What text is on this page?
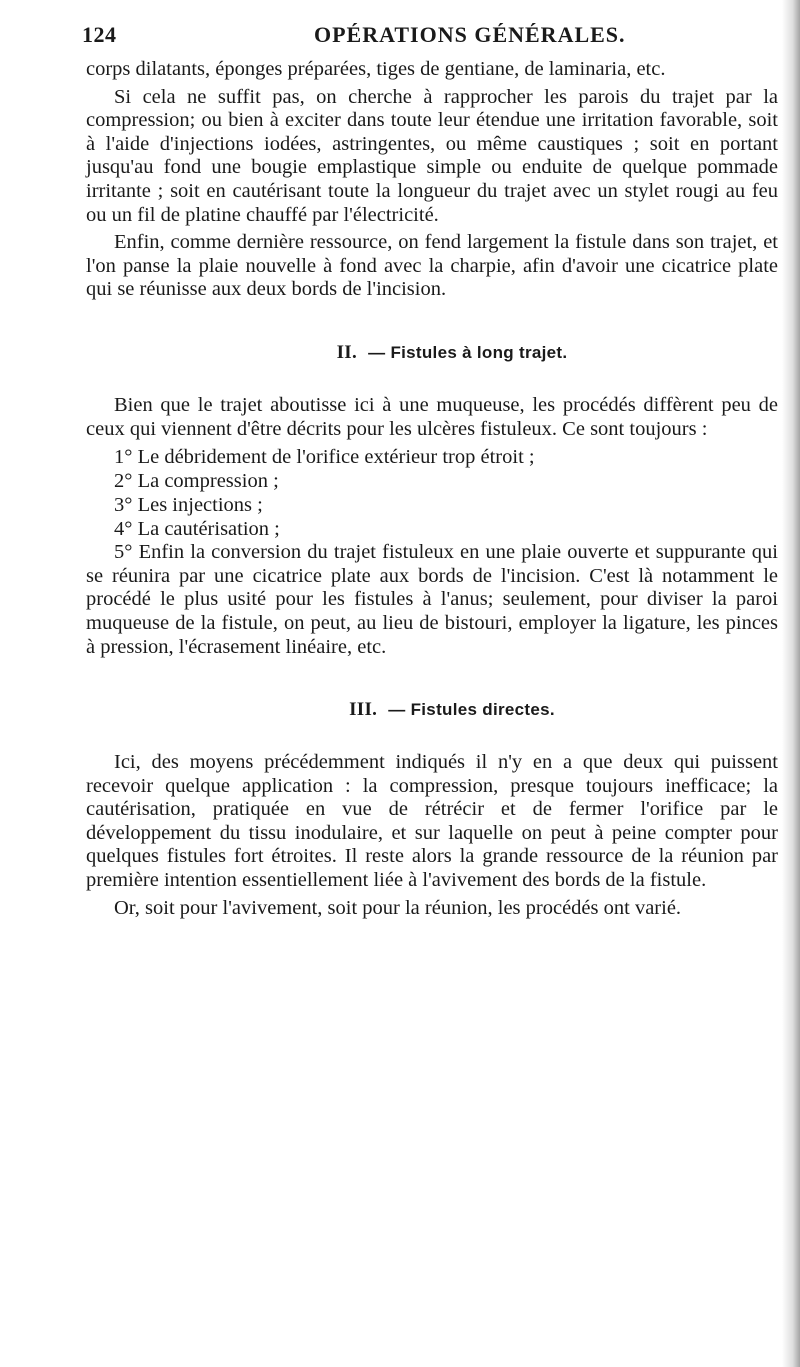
124	OPÉRATIONS GÉNÉRALES.

corps dilatants, éponges préparées, tiges de gentiane, de laminaria, etc.

Si cela ne suffit pas, on cherche à rapprocher les parois du trajet par la compression; ou bien à exciter dans toute leur étendue une irritation favorable, soit à l'aide d'injections iodées, astringentes, ou même caustiques ; soit en portant jusqu'au fond une bougie emplastique simple ou enduite de quelque pommade irritante ; soit en cautérisant toute la longueur du trajet avec un stylet rougi au feu ou un fil de platine chauffé par l'électricité.

Enfin, comme dernière ressource, on fend largement la fistule dans son trajet, et l'on panse la plaie nouvelle à fond avec la charpie, afin d'avoir une cicatrice plate qui se réunisse aux deux bords de l'incision.

II. — Fistules à long trajet.

Bien que le trajet aboutisse ici à une muqueuse, les procédés diffèrent peu de ceux qui viennent d'être décrits pour les ulcères fistuleux. Ce sont toujours :

1° Le débridement de l'orifice extérieur trop étroit ;

2° La compression ;

3° Les injections ;

4° La cautérisation ;

5° Enfin la conversion du trajet fistuleux en une plaie ouverte et suppurante qui se réunira par une cicatrice plate aux bords de l'incision. C'est là notamment le procédé le plus usité pour les fistules à l'anus; seulement, pour diviser la paroi muqueuse de la fistule, on peut, au lieu de bistouri, employer la ligature, les pinces à pression, l'écrasement linéaire, etc.

III. — Fistules directes.

Ici, des moyens précédemment indiqués il n'y en a que deux qui puissent recevoir quelque application : la compression, presque toujours inefficace; la cautérisation, pratiquée en vue de rétrécir et de fermer l'orifice par le développement du tissu inodulaire, et sur laquelle on peut à peine compter pour quelques fistules fort étroites. Il reste alors la grande ressource de la réunion par première intention essentiellement liée à l'avivement des bords de la fistule.

Or, soit pour l'avivement, soit pour la réunion, les procédés ont varié.
